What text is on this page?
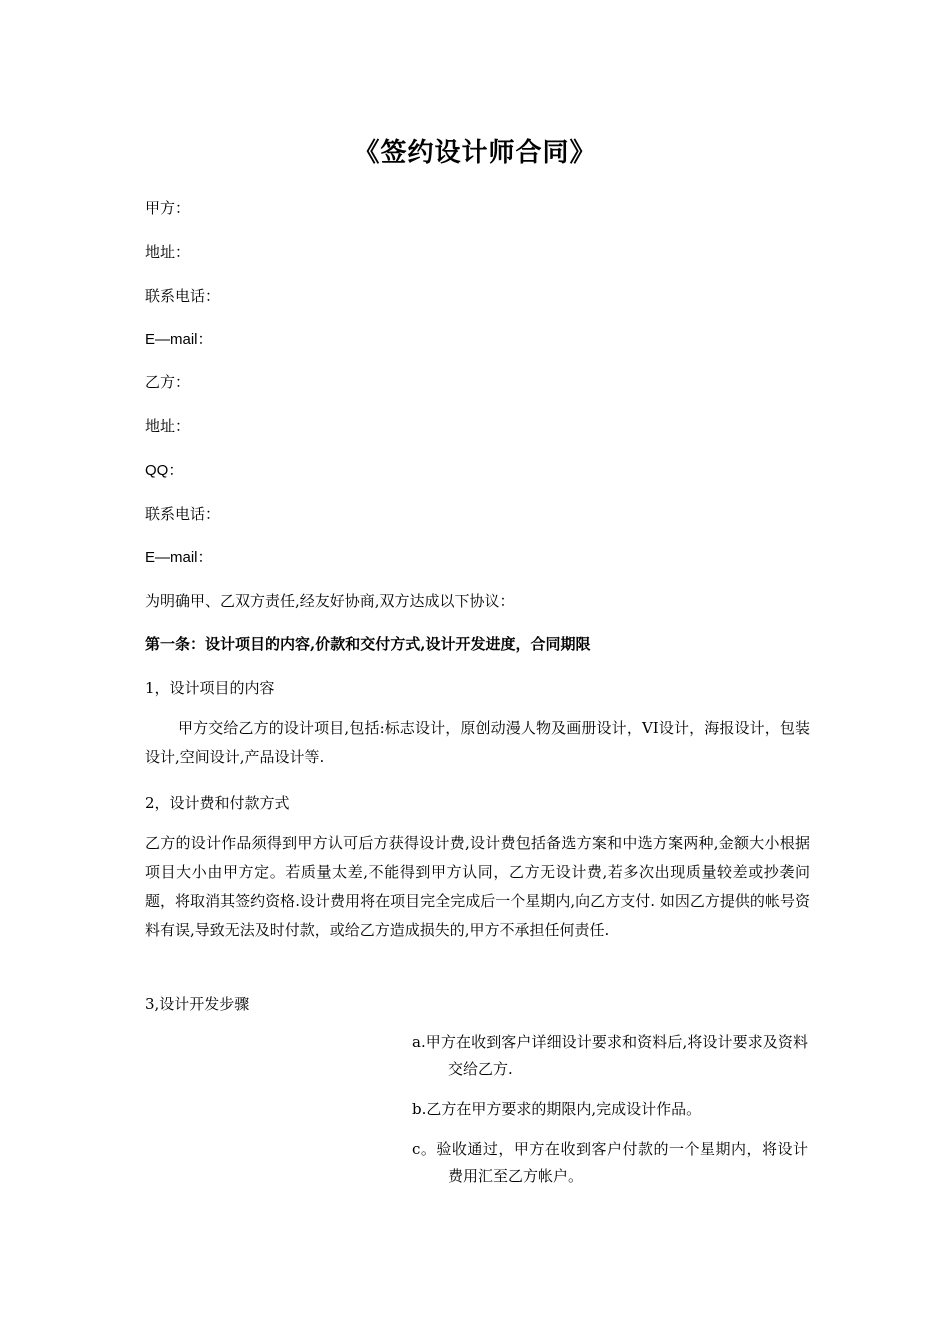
《签约设计师合同》
甲方：
地址：
联系电话：
E—mail：
乙方：
地址：
QQ：
联系电话：
E—mail：
为明确甲、乙双方责任,经友好协商,双方达成以下协议：
第一条：设计项目的内容,价款和交付方式,设计开发进度，合同期限
1，设计项目的内容
甲方交给乙方的设计项目,包括:标志设计，原创动漫人物及画册设计，VI设计，海报设计，包装设计,空间设计,产品设计等.
2，设计费和付款方式
乙方的设计作品须得到甲方认可后方获得设计费,设计费包括备选方案和中选方案两种,金额大小根据项目大小由甲方定。若质量太差,不能得到甲方认同，乙方无设计费,若多次出现质量较差或抄袭问题，将取消其签约资格.设计费用将在项目完全完成后一个星期内,向乙方支付. 如因乙方提供的帐号资料有误,导致无法及时付款，或给乙方造成损失的,甲方不承担任何责任.
3,设计开发步骤
a.甲方在收到客户详细设计要求和资料后,将设计要求及资料交给乙方.
b.乙方在甲方要求的期限内,完成设计作品。
c。验收通过，甲方在收到客户付款的一个星期内，将设计费用汇至乙方帐户。
